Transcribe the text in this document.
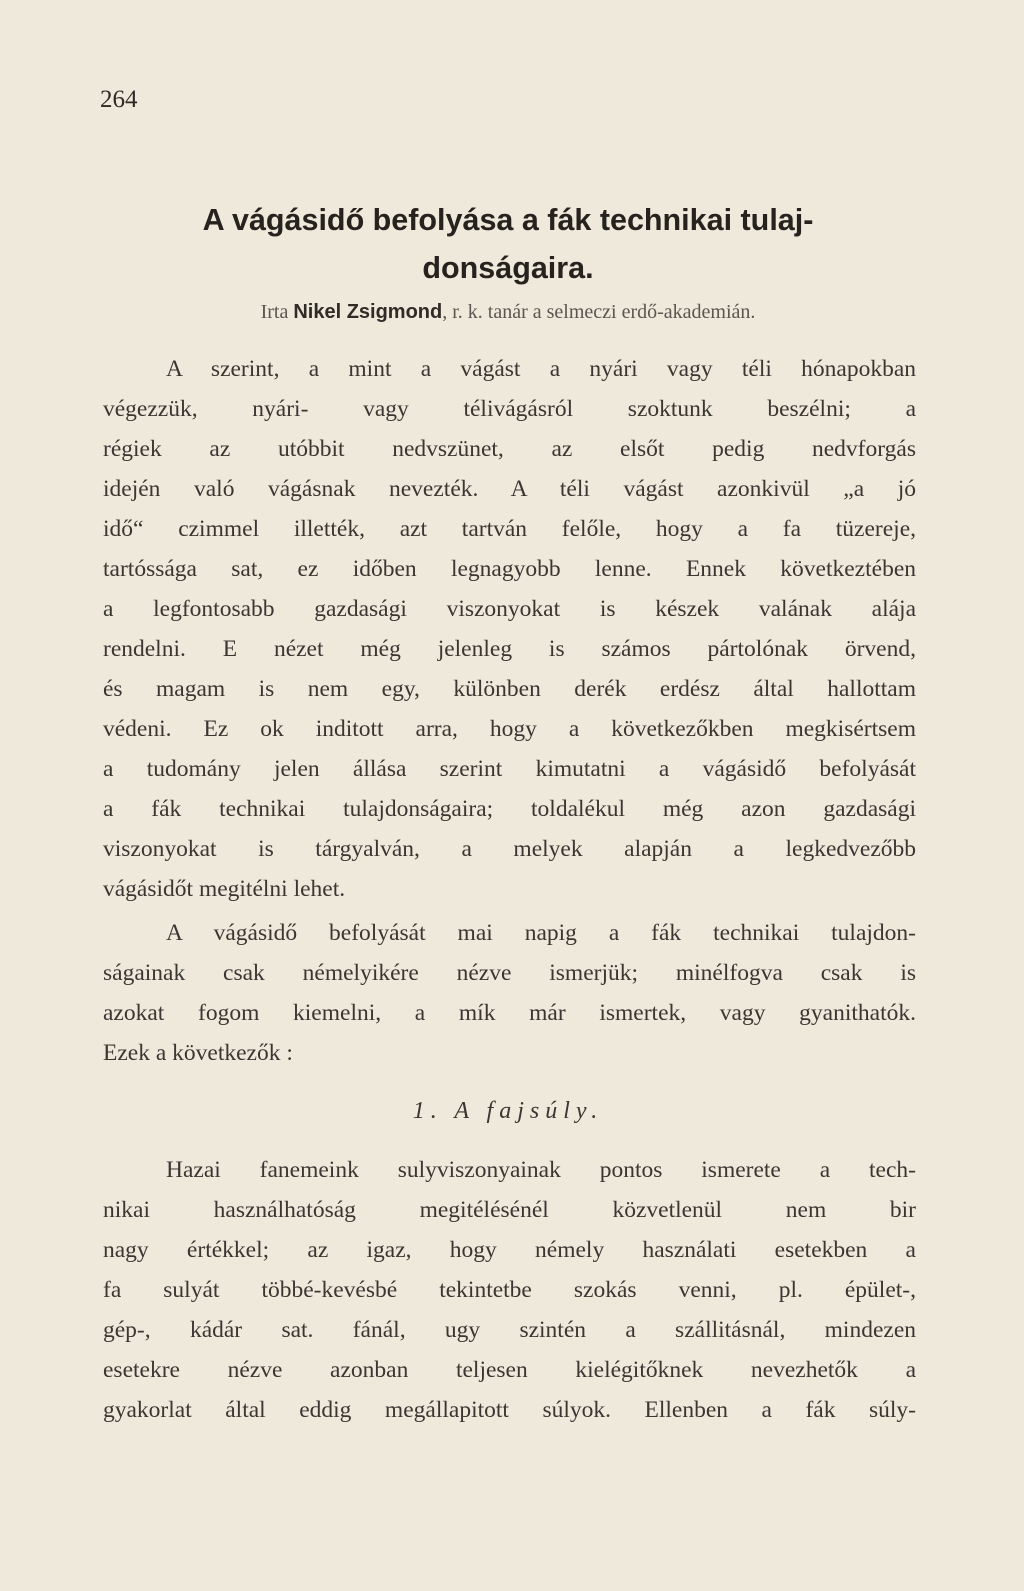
264
A vágásidő befolyása a fák technikai tulaj-
donságaira.
Irta Nikel Zsigmond, r. k. tanár a selmeczi erdő-akademián.
A szerint, a mint a vágást a nyári vagy téli hónapokban
végezzük, nyári- vagy télivágásról szoktunk beszélni; a
régiek az utóbbit nedvszünet, az elsőt pedig nedvforgás
idején való vágásnak nevezték. A téli vágást azonkivül „a jó
idő“ czimmel illették, azt tartván felőle, hogy a fa tüzereje,
tartóssága sat, ez időben legnagyobb lenne. Ennek következtében
a legfontosabb gazdasági viszonyokat is készek valának alája
rendelni. E nézet még jelenleg is számos pártolónak örvend,
és magam is nem egy, különben derék erdész által hallottam
védeni. Ez ok inditott arra, hogy a következőkben megkisértsem
a tudomány jelen állása szerint kimutatni a vágásidő befolyását
a fák technikai tulajdonságaira; toldalékul még azon gazdasági
viszonyokat is tárgyalván, a melyek alapján a legkedvezőbb
vágásidőt megitélni lehet.
A vágásidő befolyását mai napig a fák technikai tulajdon-
ságainak csak némelyikére nézve ismerjük; minélfogva csak is
azokat fogom kiemelni, a mík már ismertek, vagy gyanithatók.
Ezek a következők :
1. A fajsúly.
Hazai fanemeink sulyviszonyainak pontos ismerete a tech-
nikai használhatóság megitélésénél közvetlenül nem bir
nagy értékkel; az igaz, hogy némely használati esetekben a
fa sulyát többé-kevésbé tekintetbe szokás venni, pl. épület-,
gép-, kádár sat. fánál, ugy szintén a szállitásnál, mindezen
esetekre nézve azonban teljesen kielégitőknek nevezhetők a
gyakorlat által eddig megállapitott súlyok. Ellenben a fák súly-
